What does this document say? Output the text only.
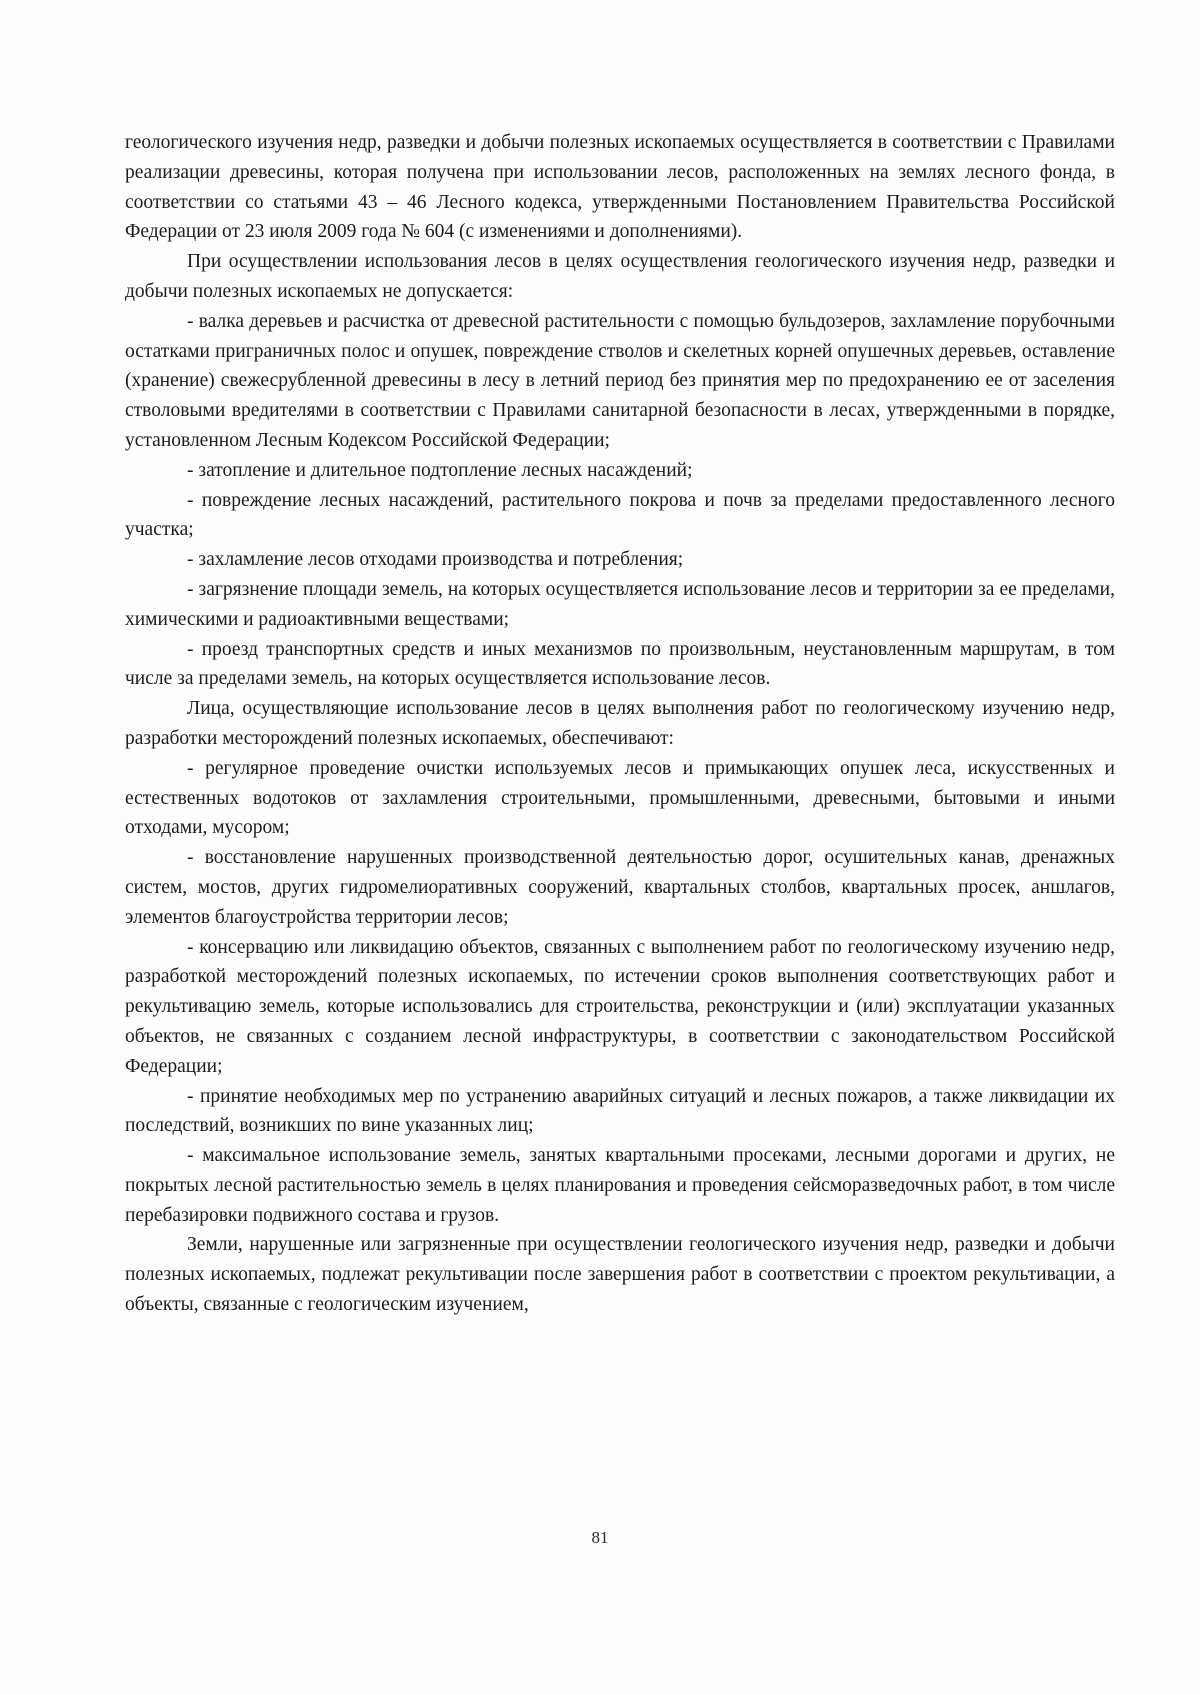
геологического изучения недр, разведки и добычи полезных ископаемых осуществляется в соответствии с Правилами реализации древесины, которая получена при использовании лесов, расположенных на землях лесного фонда, в соответствии со статьями 43 – 46 Лесного кодекса, утвержденными Постановлением Правительства Российской Федерации от 23 июля 2009 года № 604 (с изменениями и дополнениями).

При осуществлении использования лесов в целях осуществления геологического изучения недр, разведки и добычи полезных ископаемых не допускается:

- валка деревьев и расчистка от древесной растительности с помощью бульдозеров, захламление порубочными остатками приграничных полос и опушек, повреждение стволов и скелетных корней опушечных деревьев, оставление (хранение) свежесрубленной древесины в лесу в летний период без принятия мер по предохранению ее от заселения стволовыми вредителями в соответствии с Правилами санитарной безопасности в лесах, утвержденными в порядке, установленном Лесным Кодексом Российской Федерации;

- затопление и длительное подтопление лесных насаждений;

- повреждение лесных насаждений, растительного покрова и почв за пределами предоставленного лесного участка;

- захламление лесов отходами производства и потребления;

- загрязнение площади земель, на которых осуществляется использование лесов и территории за ее пределами, химическими и радиоактивными веществами;

- проезд транспортных средств и иных механизмов по произвольным, неустановленным маршрутам, в том числе за пределами земель, на которых осуществляется использование лесов.

Лица, осуществляющие использование лесов в целях выполнения работ по геологическому изучению недр, разработки месторождений полезных ископаемых, обеспечивают:

- регулярное проведение очистки используемых лесов и примыкающих опушек леса, искусственных и естественных водотоков от захламления строительными, промышленными, древесными, бытовыми и иными отходами, мусором;

- восстановление нарушенных производственной деятельностью дорог, осушительных канав, дренажных систем, мостов, других гидромелиоративных сооружений, квартальных столбов, квартальных просек, аншлагов, элементов благоустройства территории лесов;

- консервацию или ликвидацию объектов, связанных с выполнением работ по геологическому изучению недр, разработкой месторождений полезных ископаемых, по истечении сроков выполнения соответствующих работ и рекультивацию земель, которые использовались для строительства, реконструкции и (или) эксплуатации указанных объектов, не связанных с созданием лесной инфраструктуры, в соответствии с законодательством Российской Федерации;

- принятие необходимых мер по устранению аварийных ситуаций и лесных пожаров, а также ликвидации их последствий, возникших по вине указанных лиц;

- максимальное использование земель, занятых квартальными просеками, лесными дорогами и других, не покрытых лесной растительностью земель в целях планирования и проведения сейсморазведочных работ, в том числе перебазировки подвижного состава и грузов.

Земли, нарушенные или загрязненные при осуществлении геологического изучения недр, разведки и добычи полезных ископаемых, подлежат рекультивации после завершения работ в соответствии с проектом рекультивации, а объекты, связанные с геологическим изучением,

81
